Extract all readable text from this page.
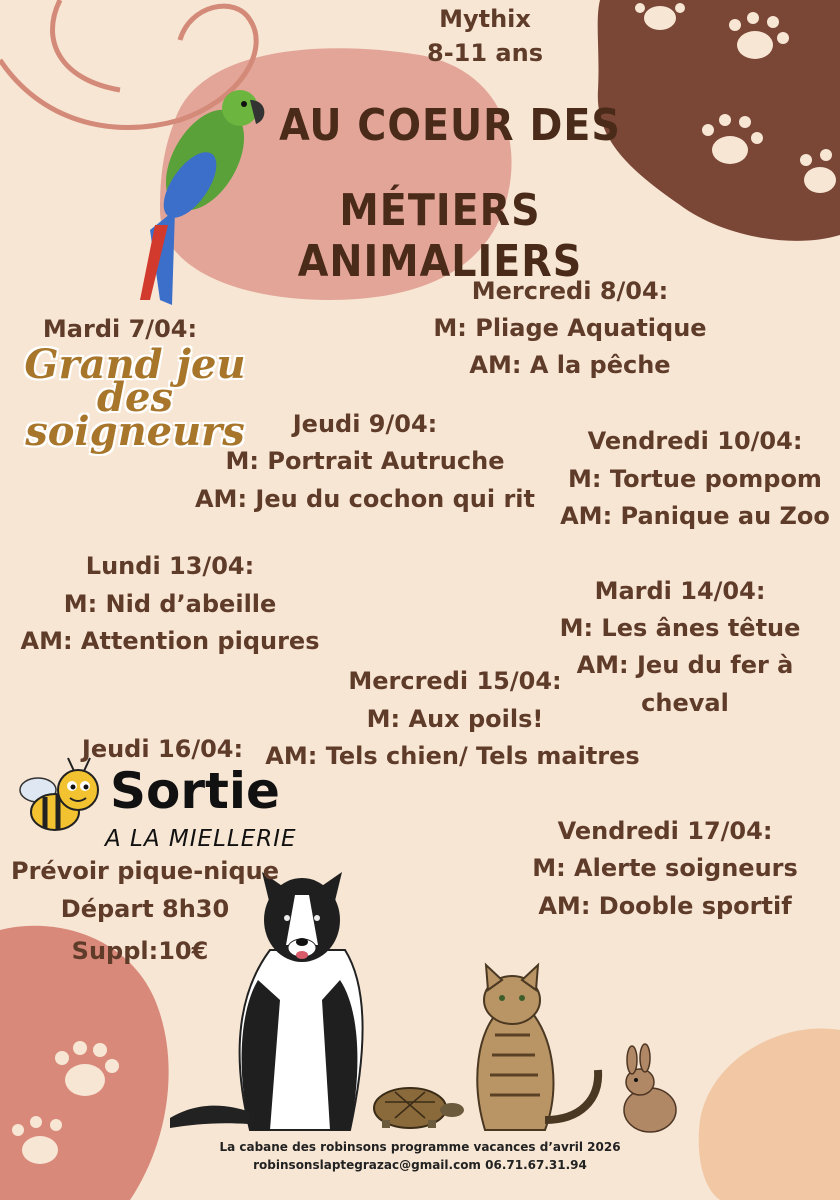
Mythix
8-11 ans
AU COEUR DES
MÉTIERS ANIMALIERS
Mardi 7/04:
Grand jeu
des
soigneurs
Mercredi 8/04:
M: Pliage Aquatique
AM: A la pêche
Jeudi 9/04:
M: Portrait Autruche
AM: Jeu du cochon qui rit
Vendredi 10/04:
M: Tortue pompom
AM: Panique au Zoo
Lundi 13/04:
M: Nid d’abeille
AM: Attention piqures
Mardi 14/04:
M: Les ânes têtue
AM: Jeu du fer à
cheval
Mercredi 15/04:
M: Aux poils!
AM: Tels chien/ Tels maitres
Jeudi 16/04:
Sortie
A LA MIELLERIE
Prévoir pique-nique
Départ 8h30
Suppl:10€
Vendredi 17/04:
M: Alerte soigneurs
AM: Dooble sportif
La cabane des robinsons programme vacances d’avril 2026
robinsonslaptegrazac@gmail.com 06.71.67.31.94
